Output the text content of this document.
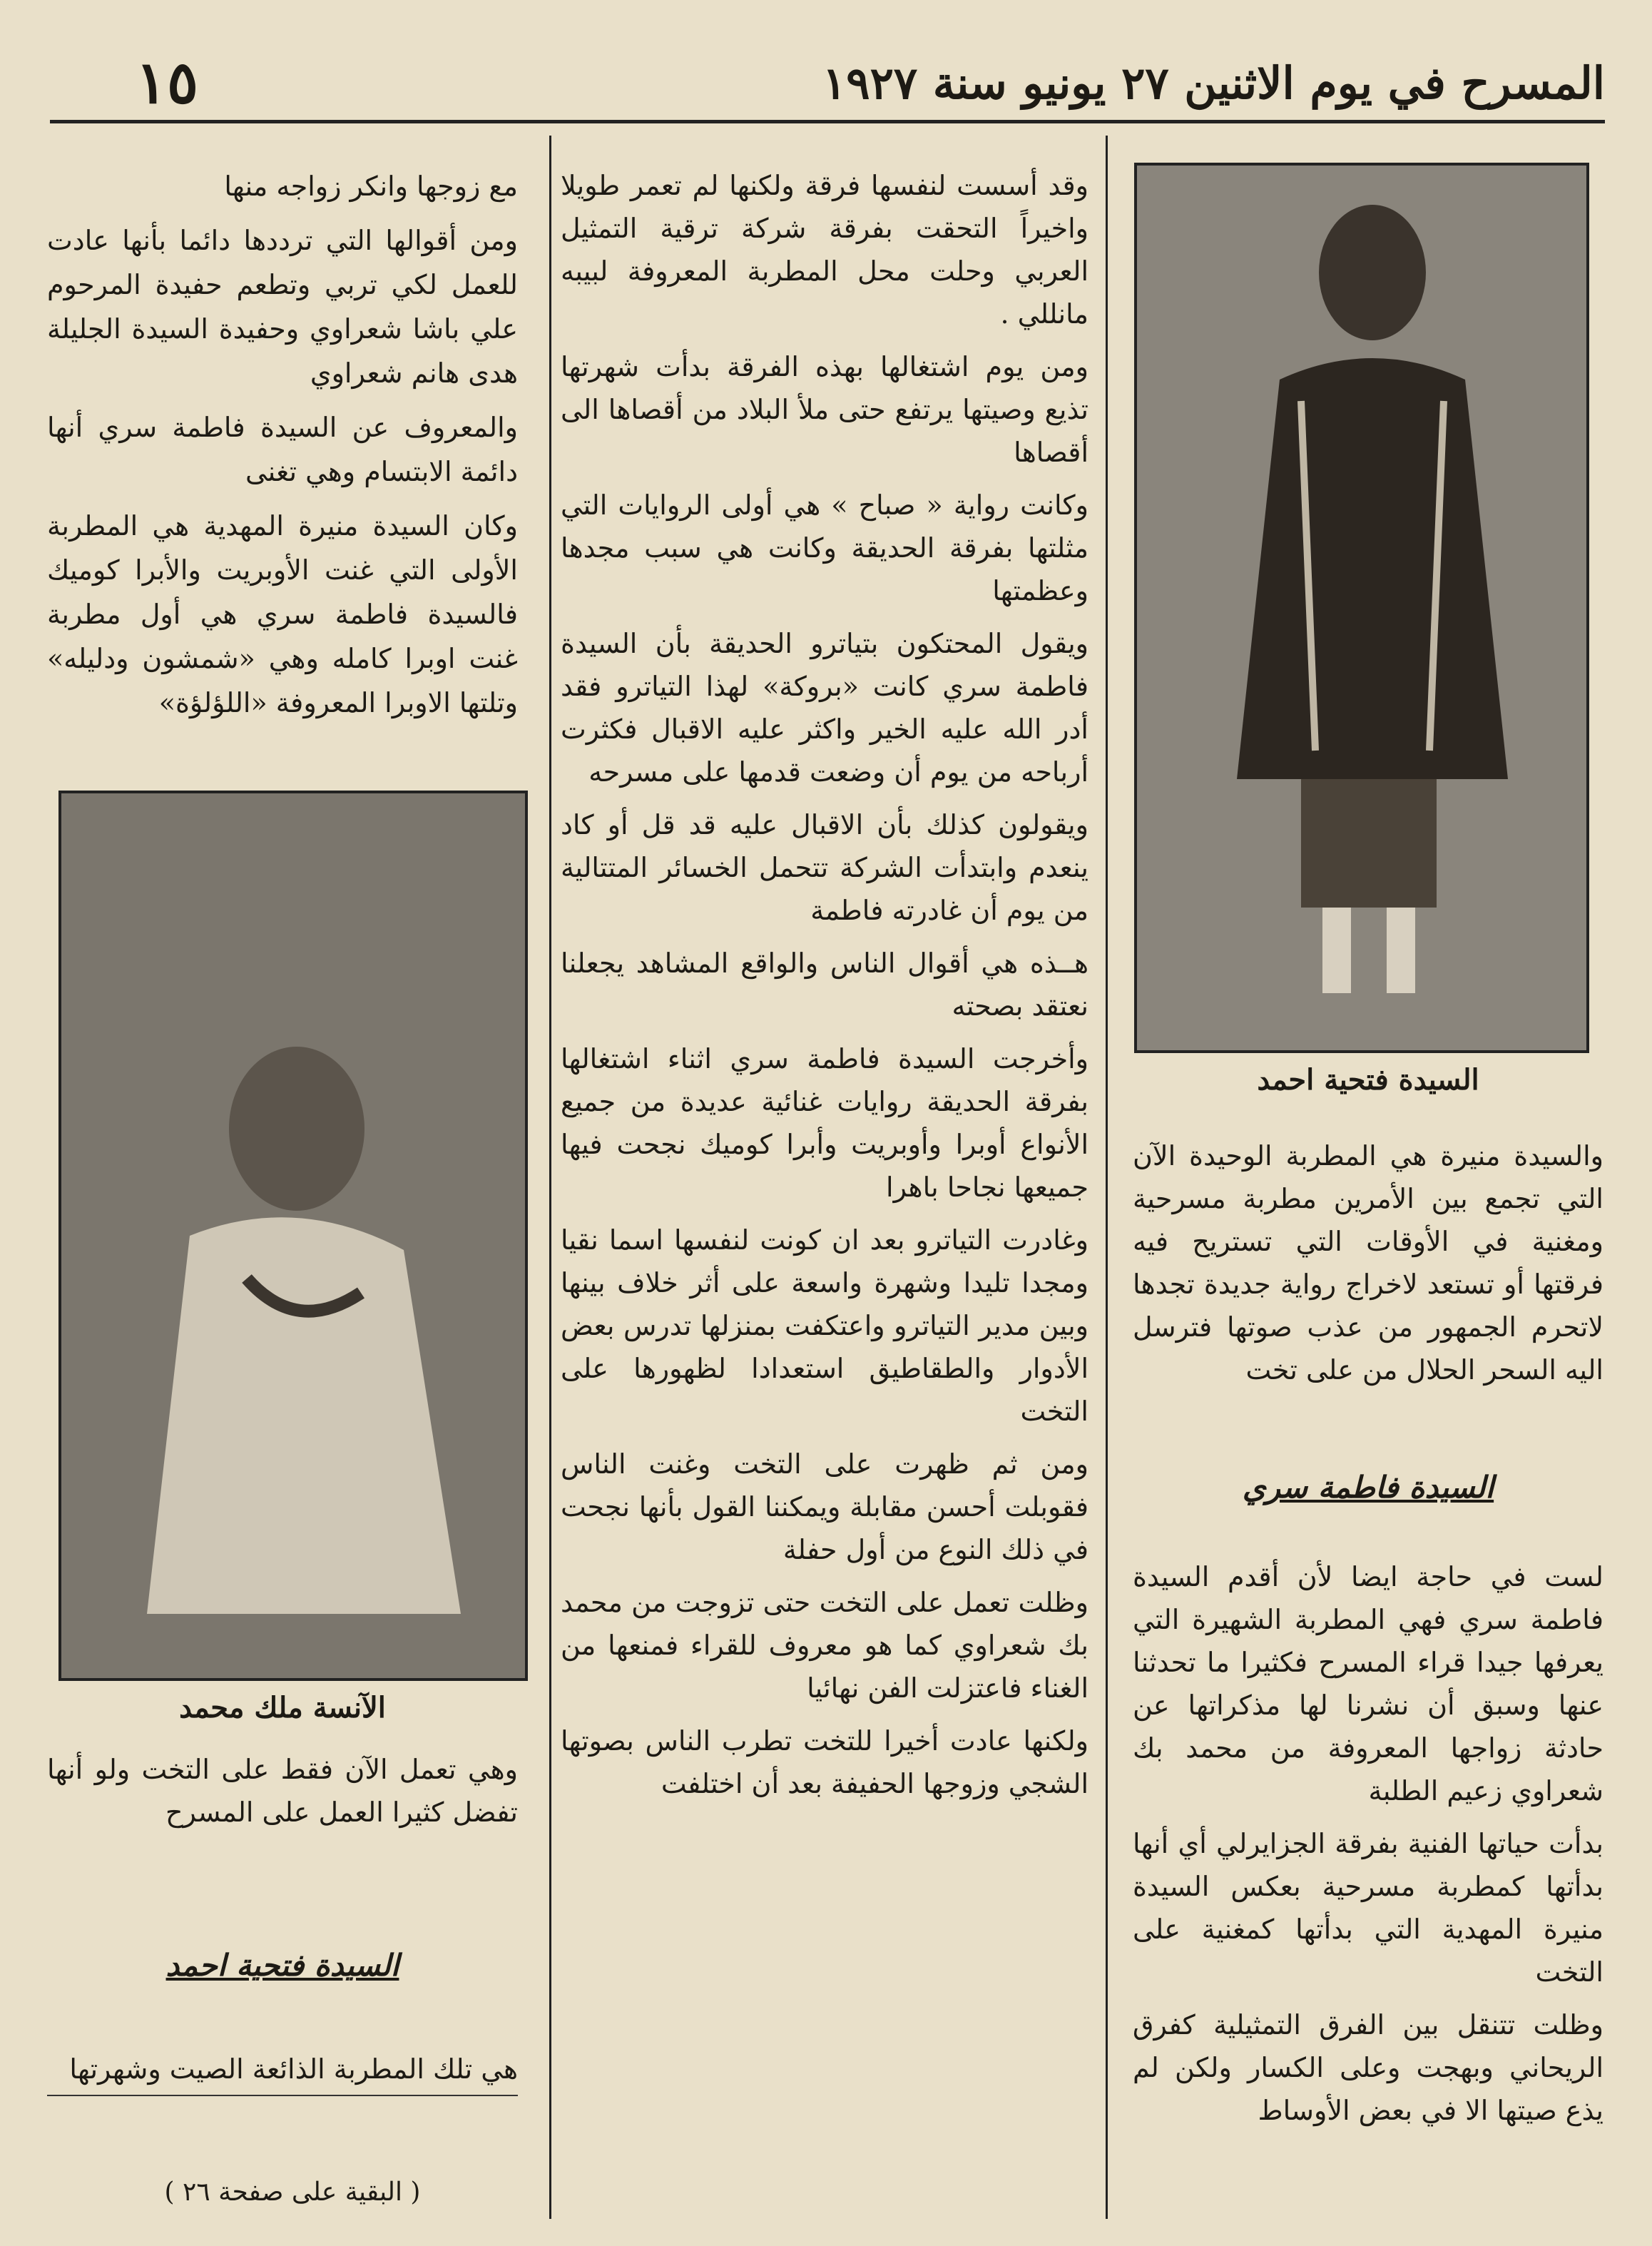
المسرح في يوم الاثنين ٢٧ يونيو سنة ١٩٢٧
١٥
السيدة فتحية احمد

والسيدة منيرة هي المطربة الوحيدة الآن التي تجمع بين الأمرين مطربة مسرحية ومغنية في الأوقات التي تستريح فيه فرقتها أو تستعد لاخراج رواية جديدة تجدها لاتحرم الجمهور من عذب صوتها فترسل اليه السحر الحلال من على تخت

السيدة فاطمة سري

لست في حاجة ايضا لأن أقدم السيدة فاطمة سري فهي المطربة الشهيرة التي يعرفها جيدا قراء المسرح فكثيرا ما تحدثنا عنها وسبق أن نشرنا لها مذكراتها عن حادثة زواجها المعروفة من محمد بك شعراوي زعيم الطلبة

بدأت حياتها الفنية بفرقة الجزايرلي أي أنها بدأتها كمطربة مسرحية بعكس السيدة منيرة المهدية التي بدأتها كمغنية على التخت

وظلت تتنقل بين الفرق التمثيلية كفرق الريحاني وبهجت وعلى الكسار ولكن لم يذع صيتها الا في بعض الأوساط

وقد أسست لنفسها فرقة ولكنها لم تعمر طويلا واخيراً التحقت بفرقة شركة ترقية التمثيل العربي وحلت محل المطربة المعروفة لبيبه مانللي .

ومن يوم اشتغالها بهذه الفرقة بدأت شهرتها تذيع وصيتها يرتفع حتى ملأ البلاد من أقصاها الى أقصاها

وكانت رواية « صباح » هي أولى الروايات التي مثلتها بفرقة الحديقة وكانت هي سبب مجدها وعظمتها

ويقول المحتكون بتياترو الحديقة بأن السيدة فاطمة سري كانت «بروكة» لهذا التياترو فقد أدر الله عليه الخير واكثر عليه الاقبال فكثرت أرباحه من يوم أن وضعت قدمها على مسرحه

ويقولون كذلك بأن الاقبال عليه قد قل أو كاد ينعدم وابتدأت الشركة تتحمل الخسائر المتتالية من يوم أن غادرته فاطمة

هــذه هي أقوال الناس والواقع المشاهد يجعلنا نعتقد بصحته

وأخرجت السيدة فاطمة سري اثناء اشتغالها بفرقة الحديقة روايات غنائية عديدة من جميع الأنواع أوبرا وأوبريت وأبرا كوميك نجحت فيها جميعها نجاحا باهرا

وغادرت التياترو بعد ان كونت لنفسها اسما نقيا ومجدا تليدا وشهرة واسعة على أثر خلاف بينها وبين مدير التياترو واعتكفت بمنزلها تدرس بعض الأدوار والطقاطيق استعدادا لظهورها على التخت

ومن ثم ظهرت على التخت وغنت الناس فقوبلت أحسن مقابلة ويمكننا القول بأنها نجحت في ذلك النوع من أول حفلة

وظلت تعمل على التخت حتى تزوجت من محمد بك شعراوي كما هو معروف للقراء فمنعها من الغناء فاعتزلت الفن نهائيا

ولكنها عادت أخيرا للتخت تطرب الناس بصوتها الشجي وزوجها الحفيفة بعد أن اختلفت

مع زوجها وانكر زواجه منها

ومن أقوالها التي ترددها دائما بأنها عادت للعمل لكي تربي وتطعم حفيدة المرحوم علي باشا شعراوي وحفيدة السيدة الجليلة هدى هانم شعراوي

والمعروف عن السيدة فاطمة سري أنها دائمة الابتسام وهي تغنى

وكان السيدة منيرة المهدية هي المطربة الأولى التي غنت الأوبريت والأبرا كوميك فالسيدة فاطمة سري هي أول مطربة غنت اوبرا كامله وهي «شمشون ودليله» وتلتها الاوبرا المعروفة «اللؤلؤة»

الآنسة ملك محمد

وهي تعمل الآن فقط على التخت ولو أنها تفضل كثيرا العمل على المسرح

السيدة فتحية احمد

هي تلك المطربة الذائعة الصيت وشهرتها

( البقية على صفحة ٢٦ )
